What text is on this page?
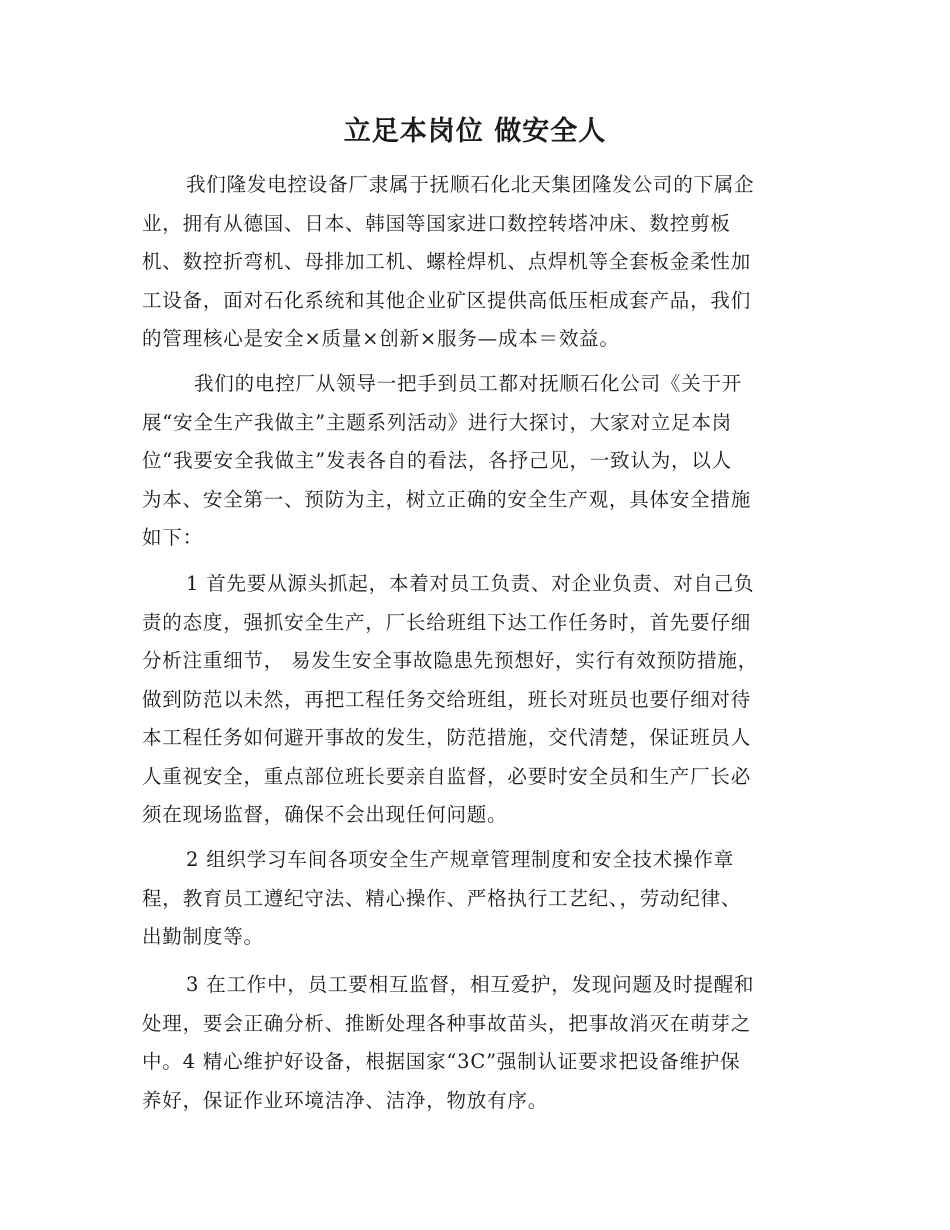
立足本岗位 做安全人
我们隆发电控设备厂隶属于抚顺石化北天集团隆发公司的下属企
业，拥有从德国、日本、韩国等国家进口数控转塔冲床、数控剪板
机、数控折弯机、母排加工机、螺栓焊机、点焊机等全套板金柔性加
工设备，面对石化系统和其他企业矿区提供高低压柜成套产品，我们
的管理核心是安全×质量×创新×服务—成本＝效益。
我们的电控厂从领导一把手到员工都对抚顺石化公司《关于开
展“安全生产我做主”主题系列活动》进行大探讨，大家对立足本岗
位“我要安全我做主”发表各自的看法，各抒己见，一致认为，以人
为本、安全第一、预防为主，树立正确的安全生产观，具体安全措施
如下：
1 首先要从源头抓起，本着对员工负责、对企业负责、对自己负
责的态度，强抓安全生产，厂长给班组下达工作任务时，首先要仔细
分析注重细节， 易发生安全事故隐患先预想好，实行有效预防措施，
做到防范以未然，再把工程任务交给班组，班长对班员也要仔细对待
本工程任务如何避开事故的发生，防范措施，交代清楚，保证班员人
人重视安全，重点部位班长要亲自监督，必要时安全员和生产厂长必
须在现场监督，确保不会出现任何问题。
2 组织学习车间各项安全生产规章管理制度和安全技术操作章
程，教育员工遵纪守法、精心操作、严格执行工艺纪、，劳动纪律、
出勤制度等。
3 在工作中，员工要相互监督，相互爱护，发现问题及时提醒和
处理，要会正确分析、推断处理各种事故苗头，把事故消灭在萌芽之
中。4 精心维护好设备，根据国家“3C”强制认证要求把设备维护保
养好，保证作业环境洁净、洁净，物放有序。
